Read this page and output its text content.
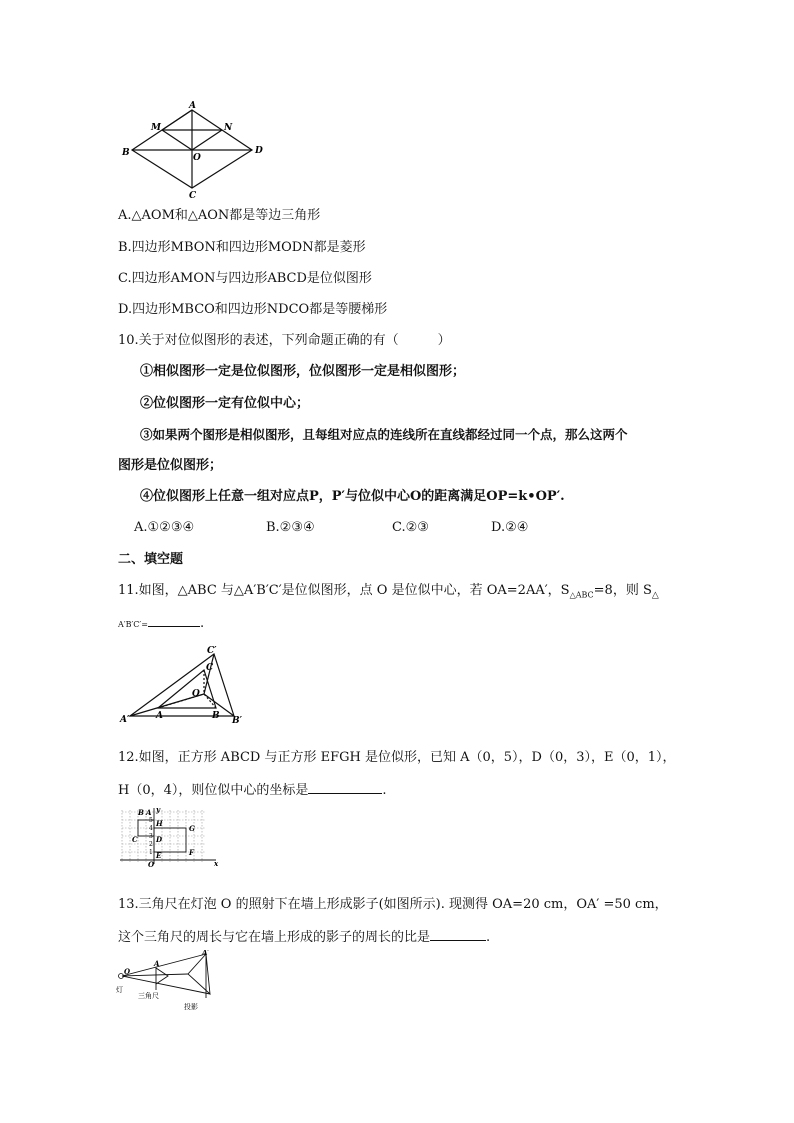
A
M	N
B	O
D
C
A.△AOM和△AON都是等边三角形
B.四边形MBON和四边形MODN都是菱形
C.四边形AMON与四边形ABCD是位似图形
D.四边形MBCO和四边形NDCO都是等腰梯形
10.关于对位似图形的表述，下列命题正确的有（　　　）
①相似图形一定是位似图形，位似图形一定是相似图形；
②位似图形一定有位似中心；
③如果两个图形是相似图形，且每组对应点的连线所在直线都经过同一个点，那么这两个
图形是位似图形；
④位似图形上任意一组对应点P，P′与位似中心O的距离满足OP=k•OP′.
A.①②③④	B.②③④	C.②③	D.②④
二、填空题
11.如图，△ABC 与△A′B′C′是位似图形，点 O 是位似中心，若 OA=2AA′，$S_{\triangle ABC}=8$，则 $S_\triangle$
A′B′C′=	.
C′
C
O
A′	A	B B′
12.如图，正方形 ABCD 与正方形 EFGH 是位似形，已知 A（0，5），D（0，3），E（0，1），
H（0，4），则位似中心的坐标是	.
B A y
H
G
C	D
E	F
O	x
5
4
3
2
1
13.三角尺在灯泡 O 的照射下在墙上形成影子(如图所示). 现测得 OA=20 cm，OA′ =50 cm，
这个三角尺的周长与它在墙上形成的影子的周长的比是	.
O
A
A′
灯
三角尺
投影
